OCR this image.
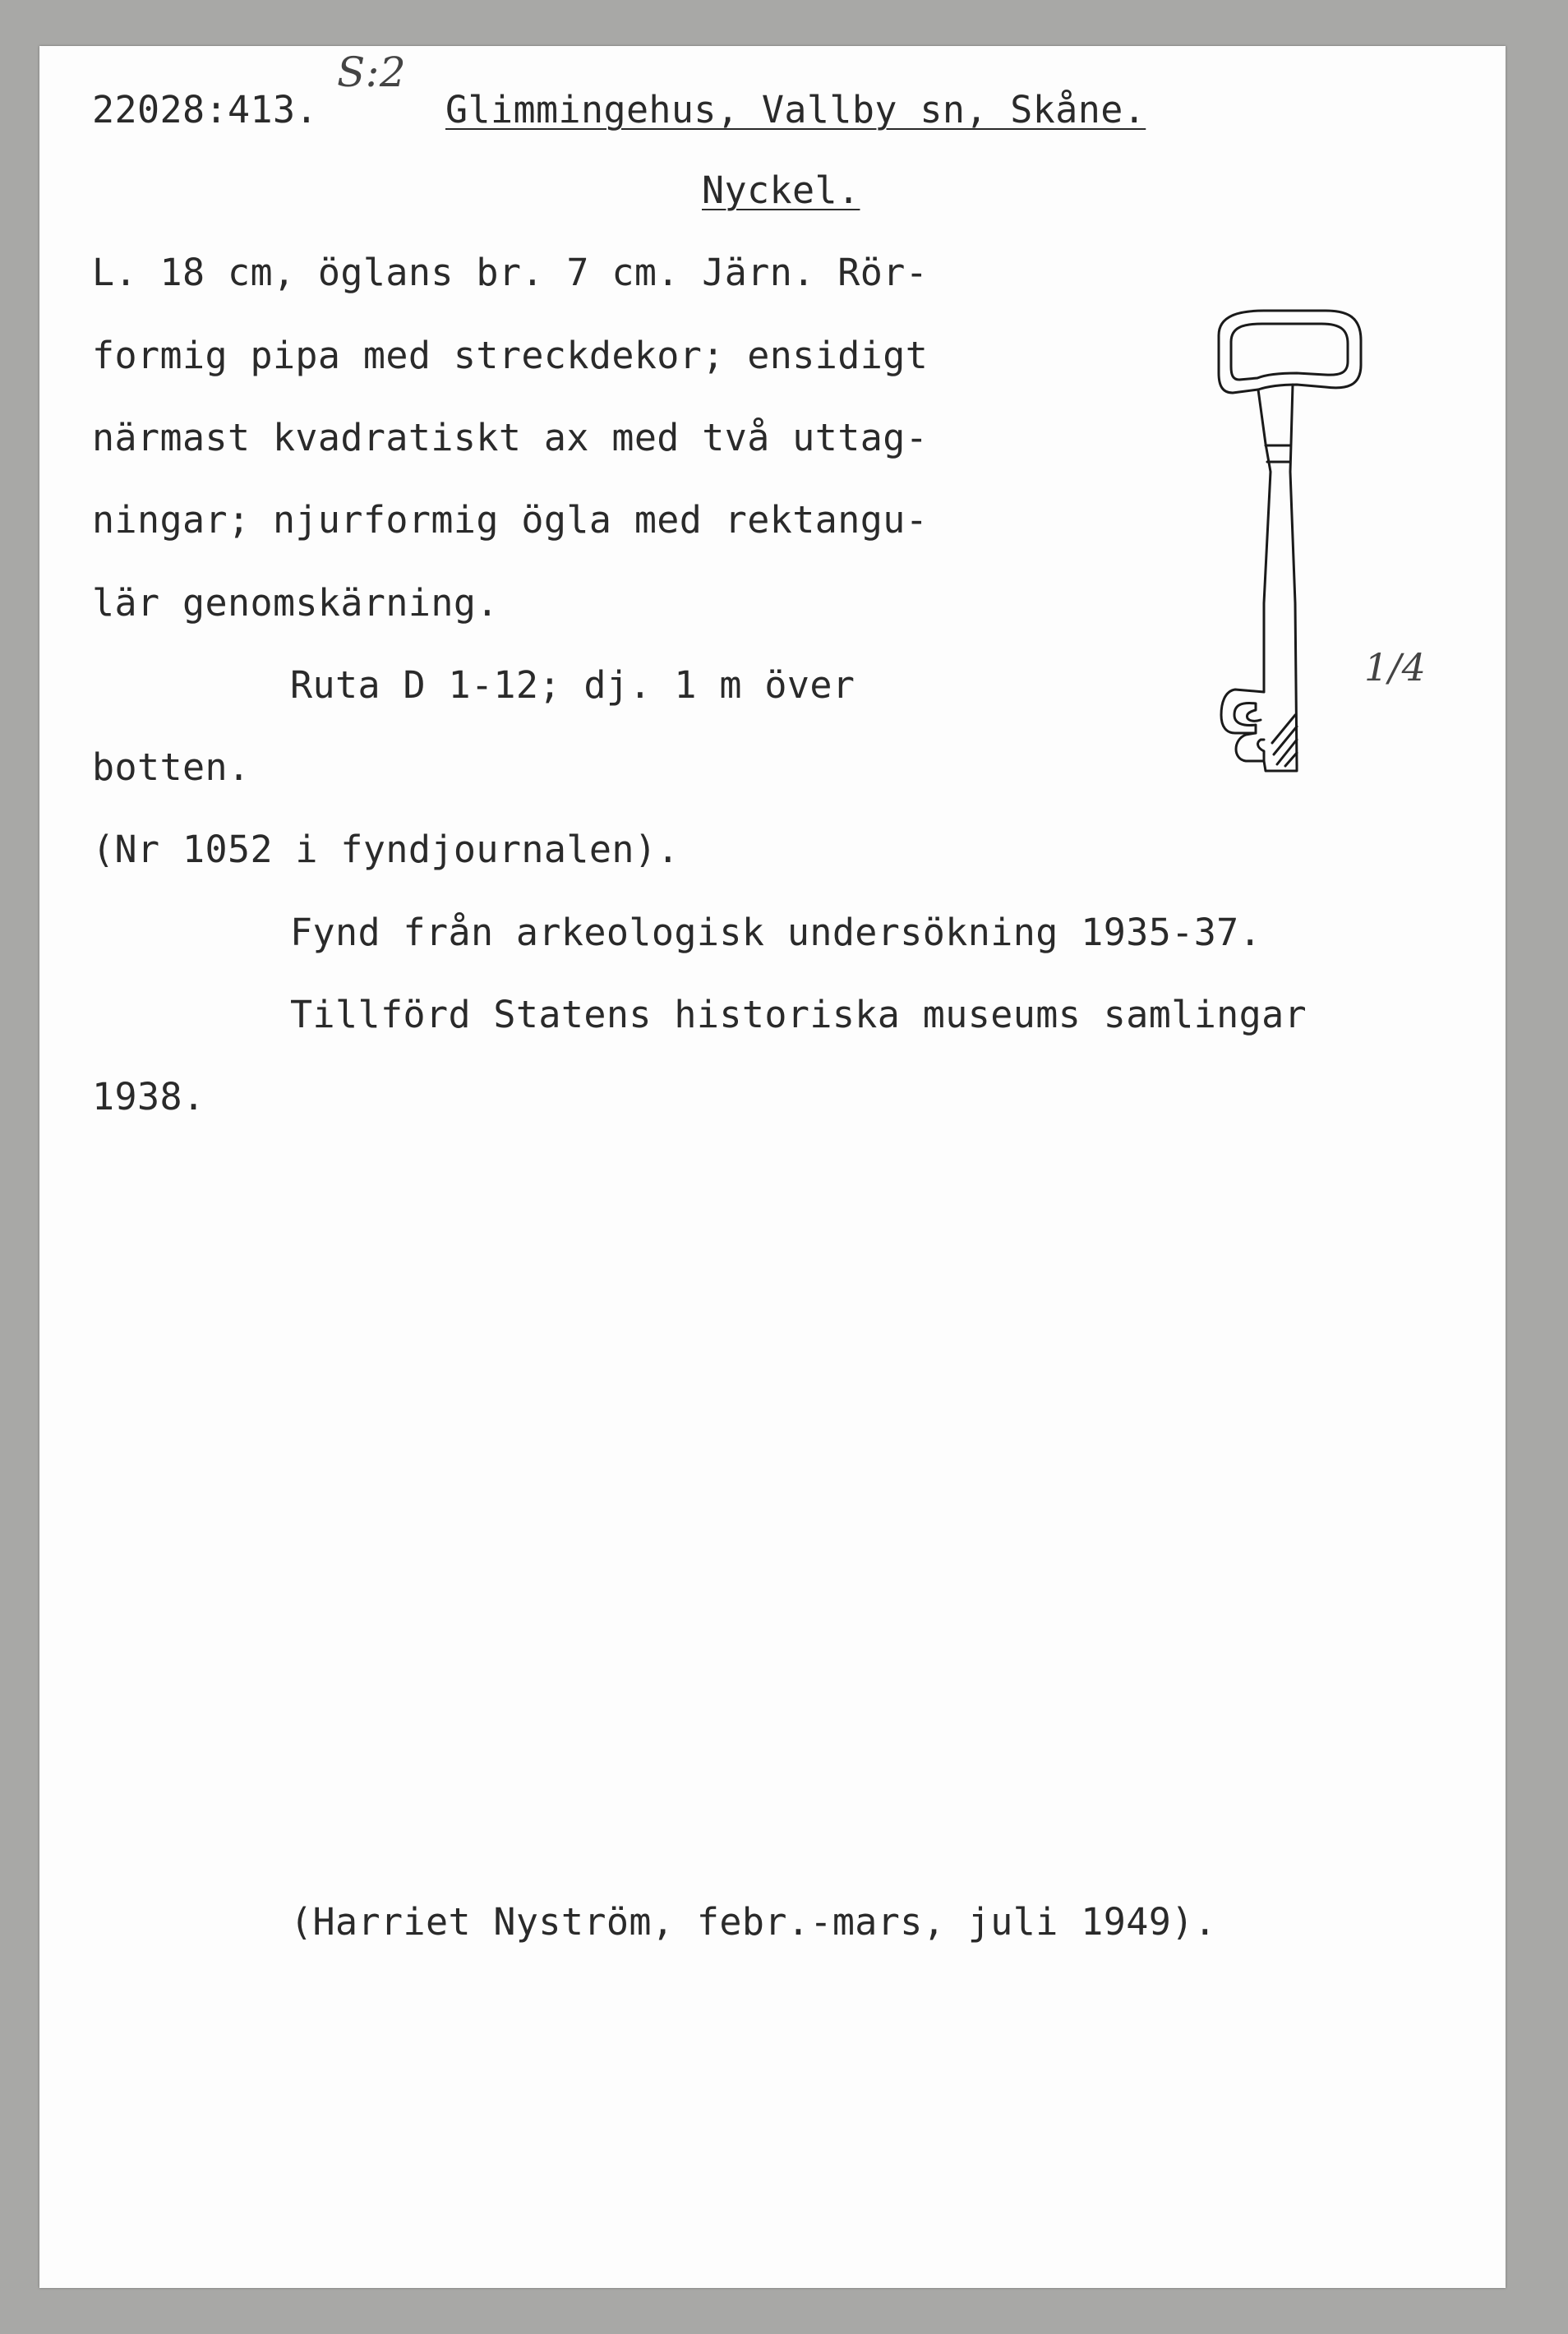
22028:413.
S:2
Glimmingehus, Vallby sn, Skåne.
Nyckel.
L. 18 cm, öglans br. 7 cm. Järn. Rör-
formig pipa med streckdekor; ensidigt
närmast kvadratiskt ax med två uttag-
ningar; njurformig ögla med rektangu-
lär genomskärning.
Ruta D 1-12; dj. 1 m över
botten.
(Nr 1052 i fyndjournalen).
Fynd från arkeologisk undersökning 1935-37.
Tillförd Statens historiska museums samlingar
1938.
(Harriet Nyström, febr.-mars, juli 1949).
1/4
